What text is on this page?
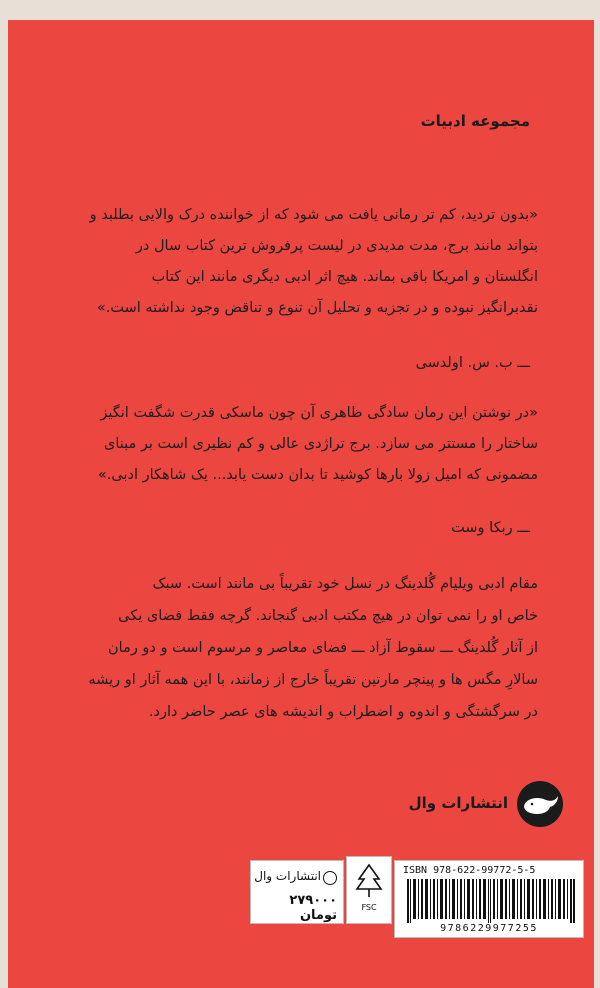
مجموعه ادبیات
«بدون تردید، کم تر رمانی یافت می شود که از خواننده درک والایی بطلبد و
بتواند مانند برج، مدت مدیدی در لیست پرفروش ترین کتاب سال در
انگلستان و امریکا باقی بماند. هیچ اثر ادبی دیگری مانند این کتاب
نقدبرانگیز نبوده و در تجزیه و تحلیل آن تنوع و تناقض وجود نداشته است.»
ـــ ب. س. اولدسی
«در نوشتن این رمان سادگی ظاهری آن چون ماسکی قدرت شگفت انگیز
ساختار را مستتر می سازد. برج تراژدی عالی و کم نظیری است بر مبنای
مضمونی که امیل زولا بارها کوشید تا بدان دست یابد... یک شاهکار ادبی.»
ـــ ربکا وست
مقام ادبی ویلیام گُلدینگ در نسل خود تقریباً بی مانند است. سبک
خاص او را نمی توان در هیچ مکتب ادبی گنجاند. گرچه فقط فضای یکی
از آثار گُلدینگ ـــ سقوط آزاد ـــ فضای معاصر و مرسوم است و دو رمان
سالارِ مگس ها و پینچر مارتین تقریباً خارج از زمانند، با این همه آثار او ریشه
در سرگشتگی و اندوه و اضطراب و اندیشه های عصر حاضر دارد.
انتشارات وال
انتشارات وال
۲۷۹۰۰۰ تومان
FSC
ISBN 978-622-99772-5-5
9786229977255
